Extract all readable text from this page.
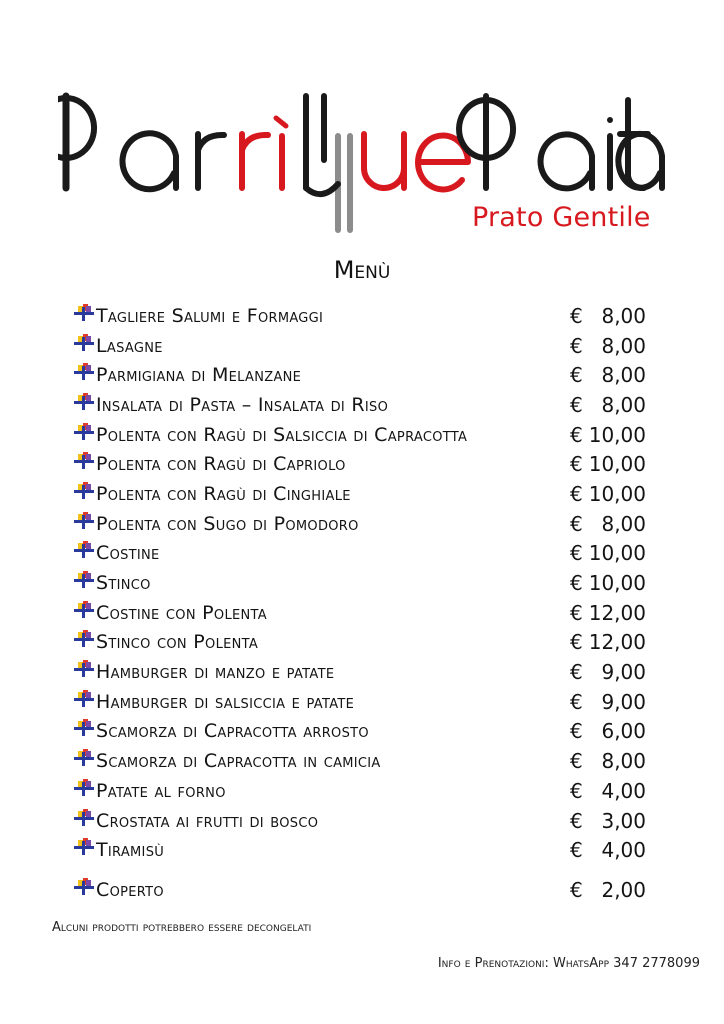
Prato Gentile
Menù
Tagliere Salumi e Formaggi	€ 8,00
Lasagne	€ 8,00
Parmigiana di Melanzane	€ 8,00
Insalata di Pasta – Insalata di Riso	€ 8,00
Polenta con Ragù di Salsiccia di Capracotta	€ 10,00
Polenta con Ragù di Capriolo	€ 10,00
Polenta con Ragù di Cinghiale	€ 10,00
Polenta con Sugo di Pomodoro	€ 8,00
Costine	€ 10,00
Stinco	€ 10,00
Costine con Polenta	€ 12,00
Stinco con Polenta	€ 12,00
Hamburger di manzo e patate	€ 9,00
Hamburger di salsiccia e patate	€ 9,00
Scamorza di Capracotta arrosto	€ 6,00
Scamorza di Capracotta in camicia	€ 8,00
Patate al forno	€ 4,00
Crostata ai frutti di bosco	€ 3,00
Tiramisù	€ 4,00
Coperto	€ 2,00
Alcuni prodotti potrebbero essere decongelati
Info e Prenotazioni: WhatsApp 347 2778099
